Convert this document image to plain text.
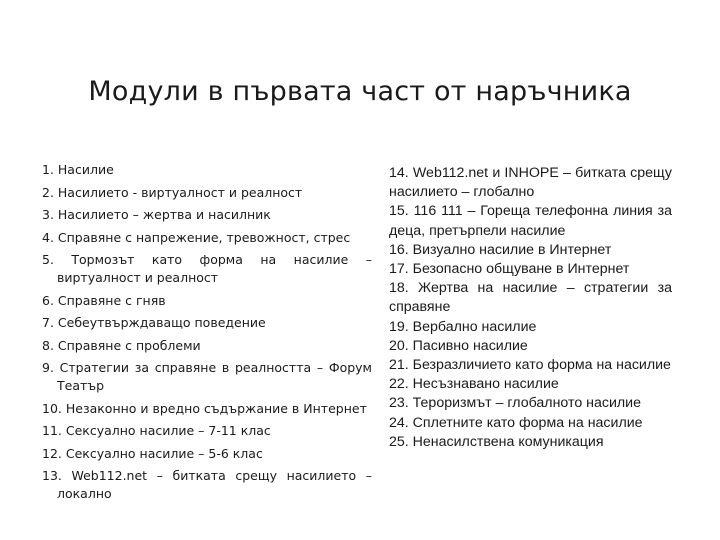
Модули в първата част от наръчника
1. Насилие
2. Насилието - виртуалност и реалност
3. Насилието – жертва и насилник
4. Справяне с напрежение, тревожност, стрес
5. Тормозът като форма на насилие – виртуалност и реалност
6. Справяне с гняв
7. Себеутвърждаващо поведение
8. Справяне с проблеми
9. Стратегии за справяне в реалността – Форум Театър
10. Незаконно и вредно съдържание в Интернет
11. Сексуално насилие – 7-11 клас
12. Сексуално насилие – 5-6 клас
13. Web112.net – битката срещу насилието – локално
14. Web112.net и INHOPE – битката срещу насилието – глобално
15. 116 111 – Гореща телефонна линия за деца, претърпели насилие
16. Визуално насилие в Интернет
17. Безопасно общуване в Интернет
18. Жертва на насилие – стратегии за справяне
19. Вербално насилие
20. Пасивно насилие
21. Безразличието като форма на насилие
22. Несъзнавано насилие
23. Тероризмът – глобалното насилие
24. Сплетните като форма на насилие
25. Ненасилствена комуникация
